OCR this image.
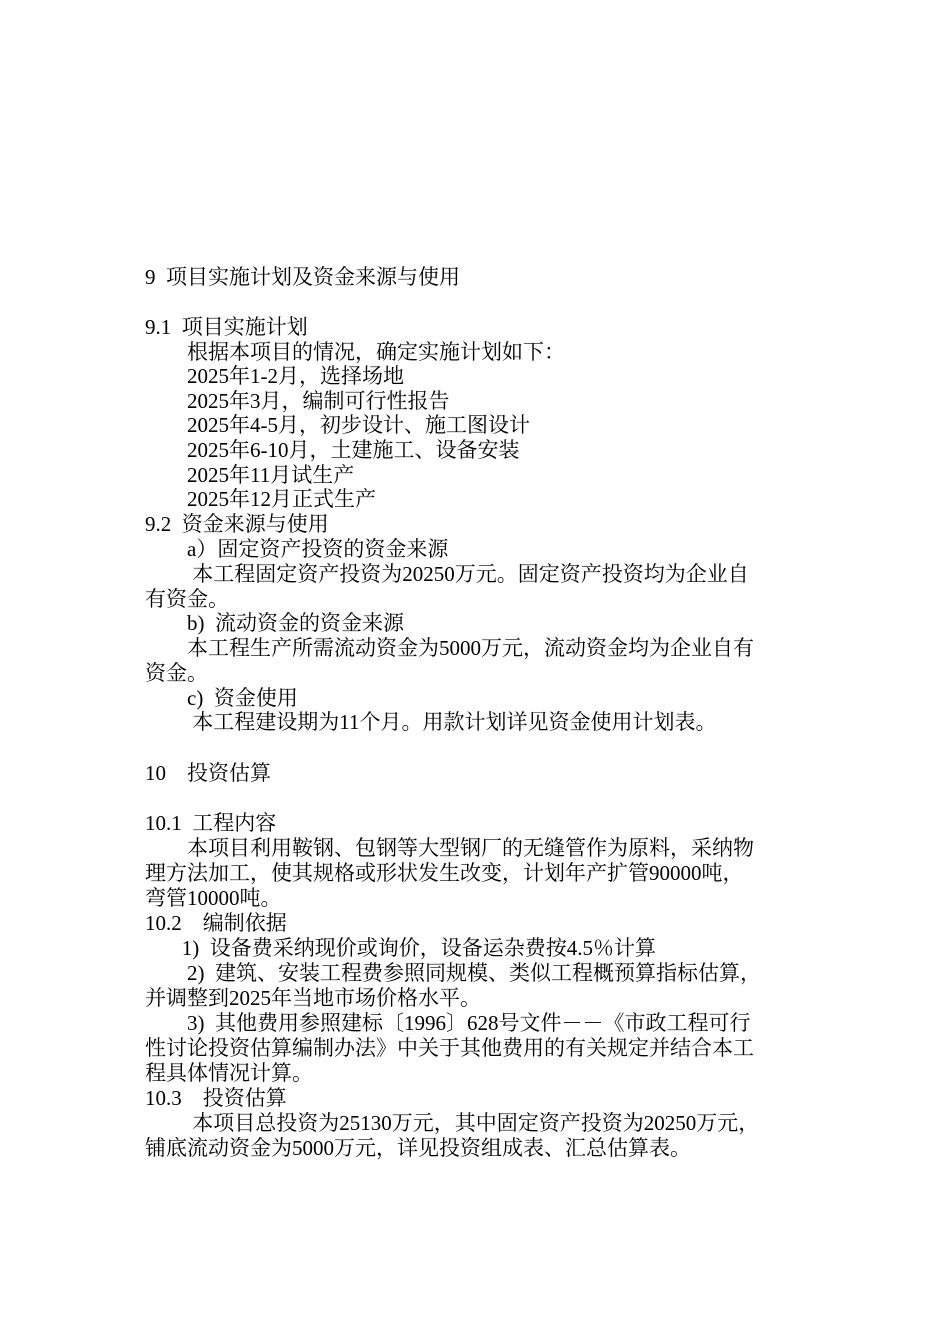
9  项目实施计划及资金来源与使用

9.1  项目实施计划

根据本项目的情况，确定实施计划如下：

2025年1-2月，选择场地

2025年3月，编制可行性报告

2025年4-5月，初步设计、施工图设计

2025年6-10月，土建施工、设备安装

2025年11月试生产

2025年12月正式生产

9.2  资金来源与使用

a）固定资产投资的资金来源

本工程固定资产投资为20250万元。固定资产投资均为企业自

有资金。

b)  流动资金的资金来源

本工程生产所需流动资金为5000万元，流动资金均为企业自有

资金。

c)  资金使用

本工程建设期为11个月。用款计划详见资金使用计划表。

10    投资估算

10.1  工程内容

本项目利用鞍钢、包钢等大型钢厂的无缝管作为原料，采纳物

理方法加工，使其规格或形状发生改变，计划年产扩管90000吨，

弯管10000吨。

10.2    编制依据

1)  设备费采纳现价或询价，设备运杂费按4.5％计算

2)  建筑、安装工程费参照同规模、类似工程概预算指标估算，

并调整到2025年当地市场价格水平。

3)  其他费用参照建标〔1996〕628号文件－－《市政工程可行

性讨论投资估算编制办法》中关于其他费用的有关规定并结合本工

程具体情况计算。

10.3    投资估算

本项目总投资为25130万元，其中固定资产投资为20250万元，

铺底流动资金为5000万元，详见投资组成表、汇总估算表。
